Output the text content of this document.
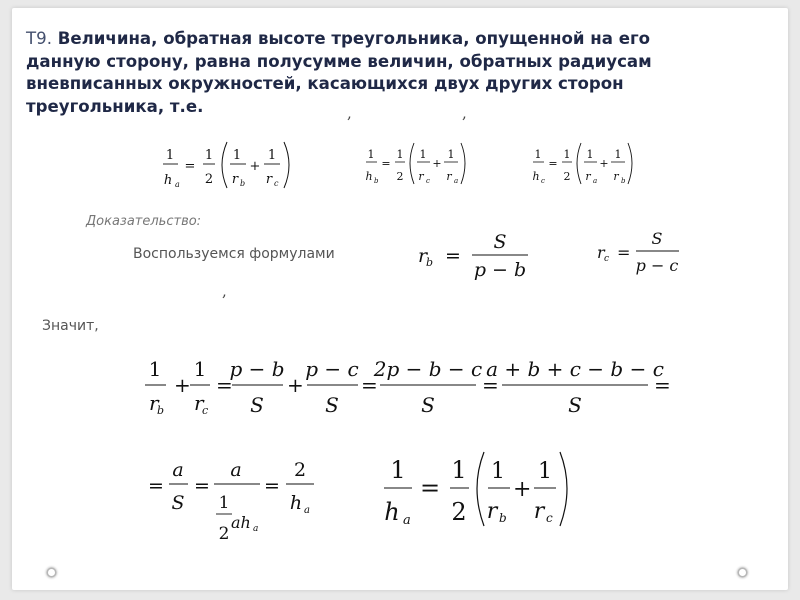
Т9. Величина, обратная высоте треугольника, опущенной на его данную сторону, равна полусумме величин, обратных радиусам вневписанных окружностей, касающихся двух других сторон треугольника, т.е.	,	,
1
h a
=
1
2
1
r b
+
1
r c
1
h b
=
1
2
1
r c
+
1
r a
1
h c
=
1
2
1
r a
+
1
r b
Доказательство:
Воспользуемся формулами	r
b =
S
p − b
r c =
S
p − c
,
Значит,
1
r
b
+
1
r
c
=
p − b
S
+
p − c
S
=
2p − b − c
S
=
a + b + c − b − c
S
=
=
a
S
=
a
1
2
ah a
=
2
h a
1
h a
=
1
2
1
r b
+
1
r c
